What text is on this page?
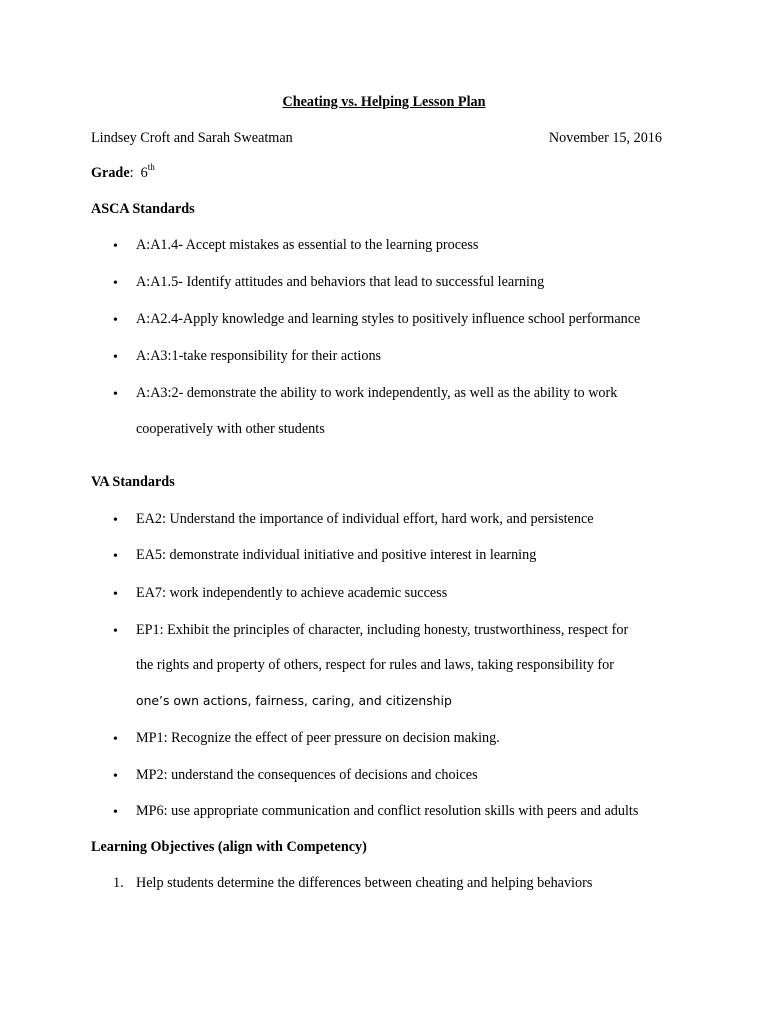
Cheating vs. Helping Lesson Plan
Lindsey Croft and Sarah Sweatman	November 15, 2016
Grade: 6th
ASCA Standards
• A:A1.4- Accept mistakes as essential to the learning process
• A:A1.5- Identify attitudes and behaviors that lead to successful learning
• A:A2.4-Apply knowledge and learning styles to positively influence school performance
• A:A3:1-take responsibility for their actions
• A:A3:2- demonstrate the ability to work independently, as well as the ability to work
cooperatively with other students
VA Standards
• EA2: Understand the importance of individual effort, hard work, and persistence
• EA5: demonstrate individual initiative and positive interest in learning
• EA7: work independently to achieve academic success
• EP1: Exhibit the principles of character, including honesty, trustworthiness, respect for
the rights and property of others, respect for rules and laws, taking responsibility for
one’s own actions, fairness, caring, and citizenship
• MP1: Recognize the effect of peer pressure on decision making.
• MP2: understand the consequences of decisions and choices
• MP6: use appropriate communication and conflict resolution skills with peers and adults
Learning Objectives (align with Competency)
1. Help students determine the differences between cheating and helping behaviors
